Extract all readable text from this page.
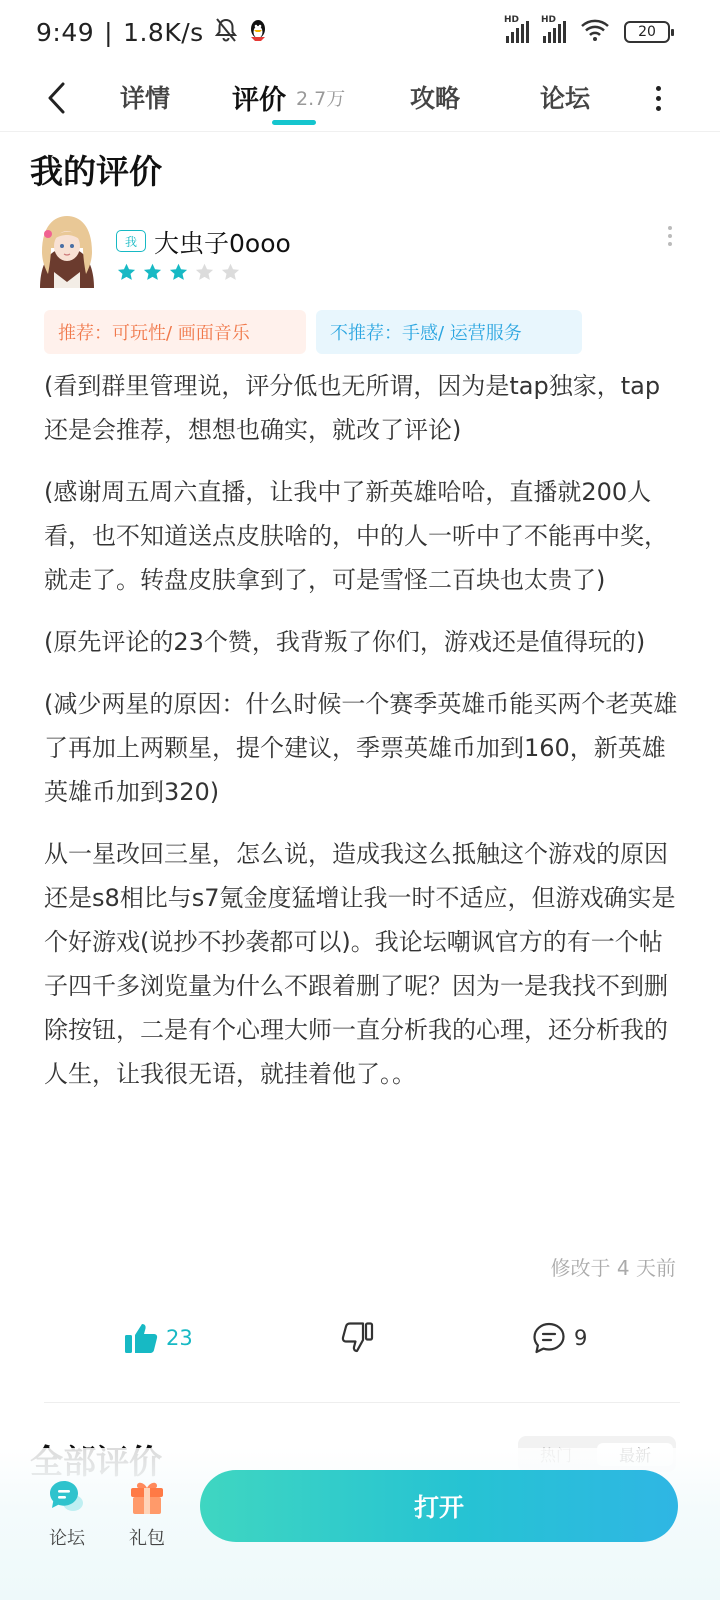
9:49 | 1.8K/s	HD HD
20
详情 评价 2.7万	攻略	论坛
我的评价
我 大虫子0ooo
推荐：可玩性/ 画面音乐	不推荐：手感/ 运营服务

(看到群里管理说，评分低也无所谓，因为是tap独家，tap还是会推荐，想想也确实，就改了评论)

(感谢周五周六直播，让我中了新英雄哈哈，直播就200人看，也不知道送点皮肤啥的，中的人一听中了不能再中奖，就走了。转盘皮肤拿到了，可是雪怪二百块也太贵了)

(原先评论的23个赞，我背叛了你们，游戏还是值得玩的)

(减少两星的原因：什么时候一个赛季英雄币能买两个老英雄了再加上两颗星，提个建议，季票英雄币加到160，新英雄英雄币加到320)

从一星改回三星，怎么说，造成我这么抵触这个游戏的原因还是s8相比与s7氪金度猛增让我一时不适应，但游戏确实是个好游戏(说抄不抄袭都可以)。我论坛嘲讽官方的有一个帖子四千多浏览量为什么不跟着删了呢？因为一是我找不到删除按钮，二是有个心理大师一直分析我的心理，还分析我的人生，让我很无语，就挂着他了。。

修改于 4 天前
23	9
论坛 礼包
打开
